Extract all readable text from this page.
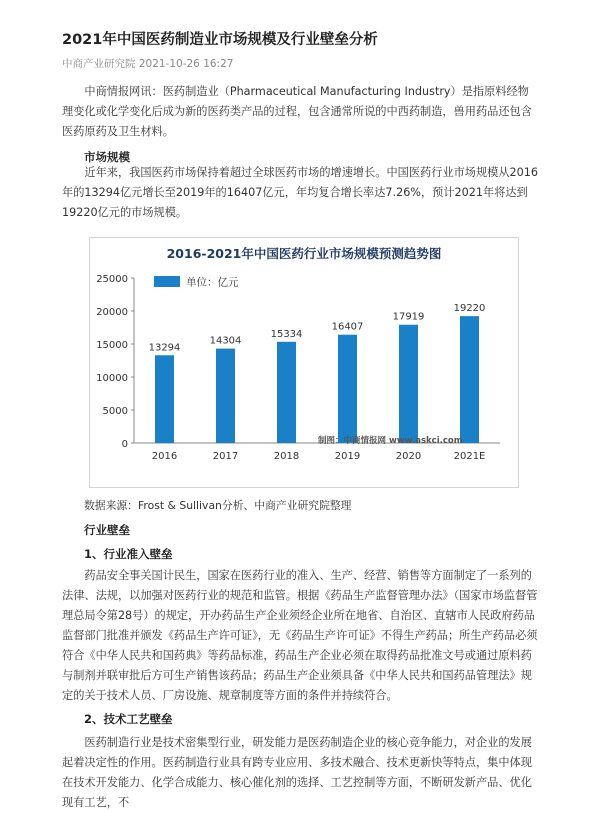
2021年中国医药制造业市场规模及行业壁垒分析
中商产业研究院 2021-10-26 16:27

中商情报网讯：医药制造业（Pharmaceutical Manufacturing Industry）是指原料经物理变化或化学变化后成为新的医药类产品的过程，包含通常所说的中西药制造，兽用药品还包含医药原药及卫生材料。

市场规模

近年来，我国医药市场保持着超过全球医药市场的增速增长。中国医药行业市场规模从2016年的13294亿元增长至2019年的16407亿元，年均复合增长率达7.26%，预计2021年将达到19220亿元的市场规模。

2016-2021年中国医药行业市场规模预测趋势图
单位：亿元
0
5000
10000
15000
20000
25000
2016	2017	2018	2019	2020	2021E
13294
14304
15334
16407
17919
19220
制图：中商情报网 www.askci.com
数据来源：Frost & Sullivan分析、中商产业研究院整理
行业壁垒
1、行业准入壁垒

药品安全事关国计民生，国家在医药行业的准入、生产、经营、销售等方面制定了一系列的法律、法规，以加强对医药行业的规范和监管。根据《药品生产监督管理办法》（国家市场监督管理总局令第28号）的规定，开办药品生产企业须经企业所在地省、自治区、直辖市人民政府药品监督部门批准并颁发《药品生产许可证》，无《药品生产许可证》不得生产药品；所生产药品必须符合《中华人民共和国药典》等药品标准，药品生产企业必须在取得药品批准文号或通过原料药与制剂并联审批后方可生产销售该药品；药品生产企业须具备《中华人民共和国药品管理法》规定的关于技术人员、厂房设施、规章制度等方面的条件并持续符合。

2、技术工艺壁垒

医药制造行业是技术密集型行业，研发能力是医药制造企业的核心竞争能力，对企业的发展起着决定性的作用。医药制造行业具有跨专业应用、多技术融合、技术更新快等特点，集中体现在技术开发能力、化学合成能力、核心催化剂的选择、工艺控制等方面，不断研发新产品、优化现有工艺，不
